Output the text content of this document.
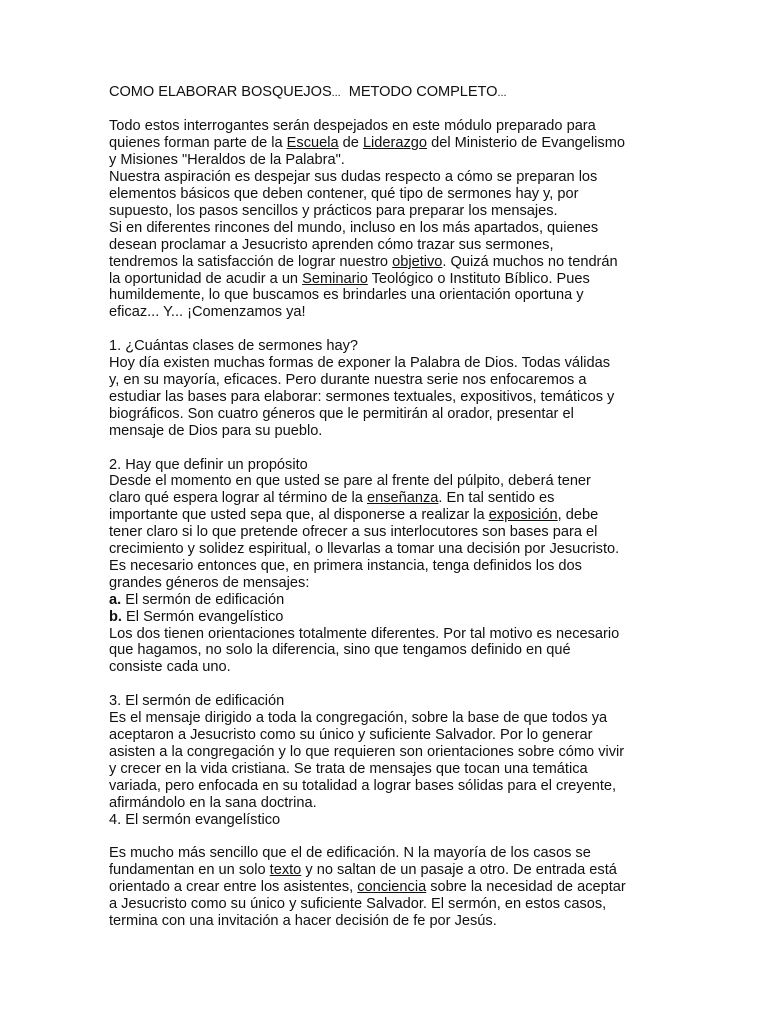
COMO ELABORAR BOSQUEJOS... METODO COMPLETO...

Todo estos interrogantes serán despejados en este módulo preparado para
quienes forman parte de la Escuela de Liderazgo del Ministerio de Evangelismo
y Misiones "Heraldos de la Palabra".
Nuestra aspiración es despejar sus dudas respecto a cómo se preparan los
elementos básicos que deben contener, qué tipo de sermones hay y, por
supuesto, los pasos sencillos y prácticos para preparar los mensajes.
Si en diferentes rincones del mundo, incluso en los más apartados, quienes
desean proclamar a Jesucristo aprenden cómo trazar sus sermones,
tendremos la satisfacción de lograr nuestro objetivo. Quizá muchos no tendrán
la oportunidad de acudir a un Seminario Teológico o Instituto Bíblico. Pues
humildemente, lo que buscamos es brindarles una orientación oportuna y
eficaz... Y... ¡Comenzamos ya!

1. ¿Cuántas clases de sermones hay?
Hoy día existen muchas formas de exponer la Palabra de Dios. Todas válidas
y, en su mayoría, eficaces. Pero durante nuestra serie nos enfocaremos a
estudiar las bases para elaborar: sermones textuales, expositivos, temáticos y
biográficos. Son cuatro géneros que le permitirán al orador, presentar el
mensaje de Dios para su pueblo.

2. Hay que definir un propósito
Desde el momento en que usted se pare al frente del púlpito, deberá tener
claro qué espera lograr al término de la enseñanza. En tal sentido es
importante que usted sepa que, al disponerse a realizar la exposición, debe
tener claro si lo que pretende ofrecer a sus interlocutores son bases para el
crecimiento y solidez espiritual, o llevarlas a tomar una decisión por Jesucristo.
Es necesario entonces que, en primera instancia, tenga definidos los dos
grandes géneros de mensajes:
a. El sermón de edificación
b. El Sermón evangelístico
Los dos tienen orientaciones totalmente diferentes. Por tal motivo es necesario
que hagamos, no solo la diferencia, sino que tengamos definido en qué
consiste cada uno.

3. El sermón de edificación
Es el mensaje dirigido a toda la congregación, sobre la base de que todos ya
aceptaron a Jesucristo como su único y suficiente Salvador. Por lo generar
asisten a la congregación y lo que requieren son orientaciones sobre cómo vivir
y crecer en la vida cristiana. Se trata de mensajes que tocan una temática
variada, pero enfocada en su totalidad a lograr bases sólidas para el creyente,
afirmándolo en la sana doctrina.
4. El sermón evangelístico

Es mucho más sencillo que el de edificación. N la mayoría de los casos se
fundamentan en un solo texto y no saltan de un pasaje a otro. De entrada está
orientado a crear entre los asistentes, conciencia sobre la necesidad de aceptar
a Jesucristo como su único y suficiente Salvador. El sermón, en estos casos,
termina con una invitación a hacer decisión de fe por Jesús.
